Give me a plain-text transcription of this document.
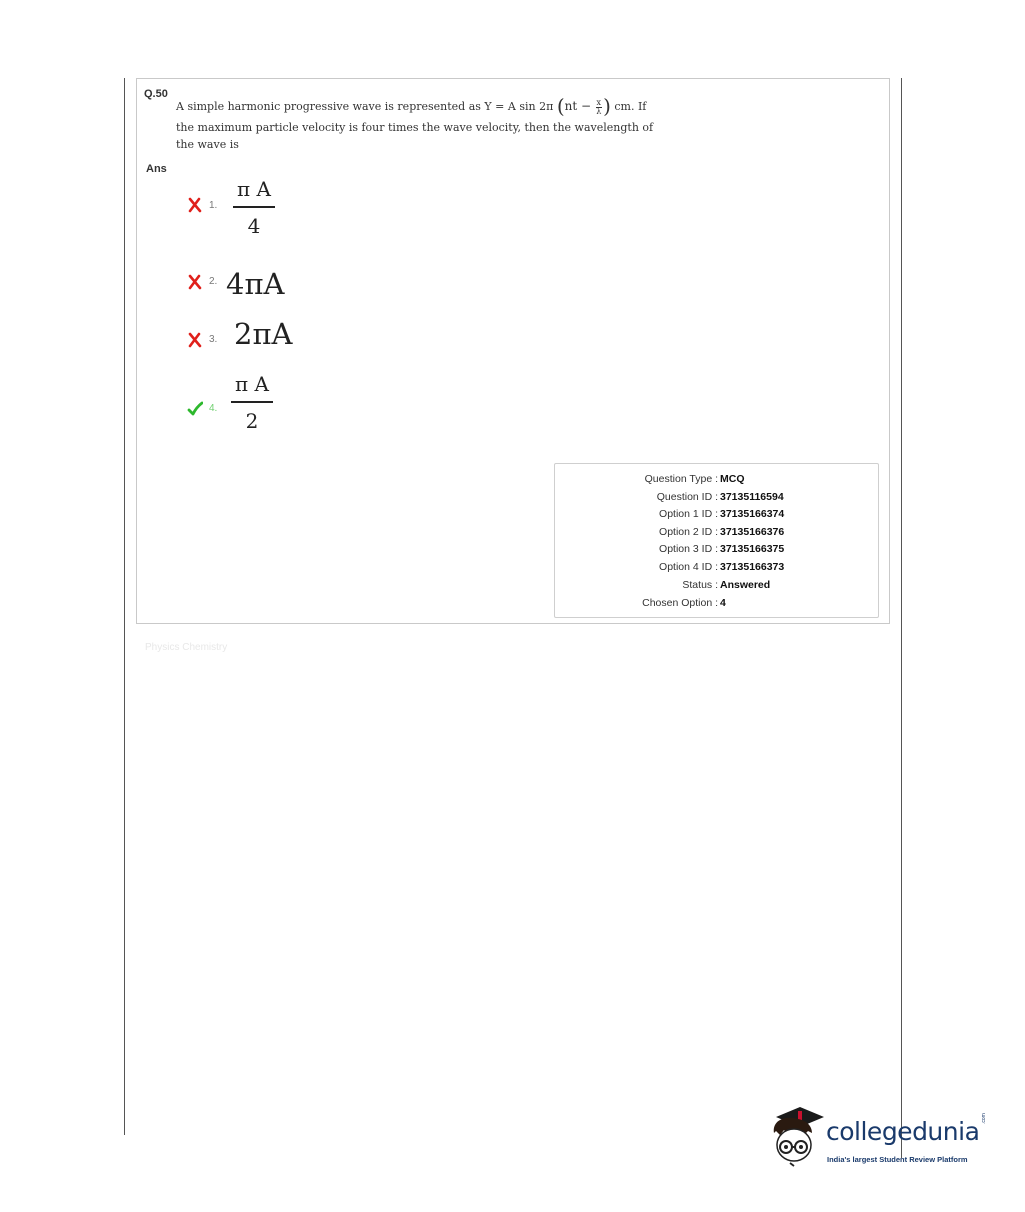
Q.50
A simple harmonic progressive wave is represented as Y = A sin 2π ($nt - \frac{x}{\lambda}$ ) cm. If
the maximum particle velocity is four times the wave velocity, then the wavelength of
the wave is
Ans
1. $\frac{\text{π A}}{4}$
2. 4πA
3. 2πA
4. $\frac{\text{π A}}{2}$
Question Type : MCQ
Question ID : 37135116594
Option 1 ID : 37135166374
Option 2 ID : 37135166376
Option 3 ID : 37135166375
Option 4 ID : 37135166373
Status : Answered
Chosen Option : 4
Physics Chemistry
collegedunia .com
India's largest Student Review Platform
